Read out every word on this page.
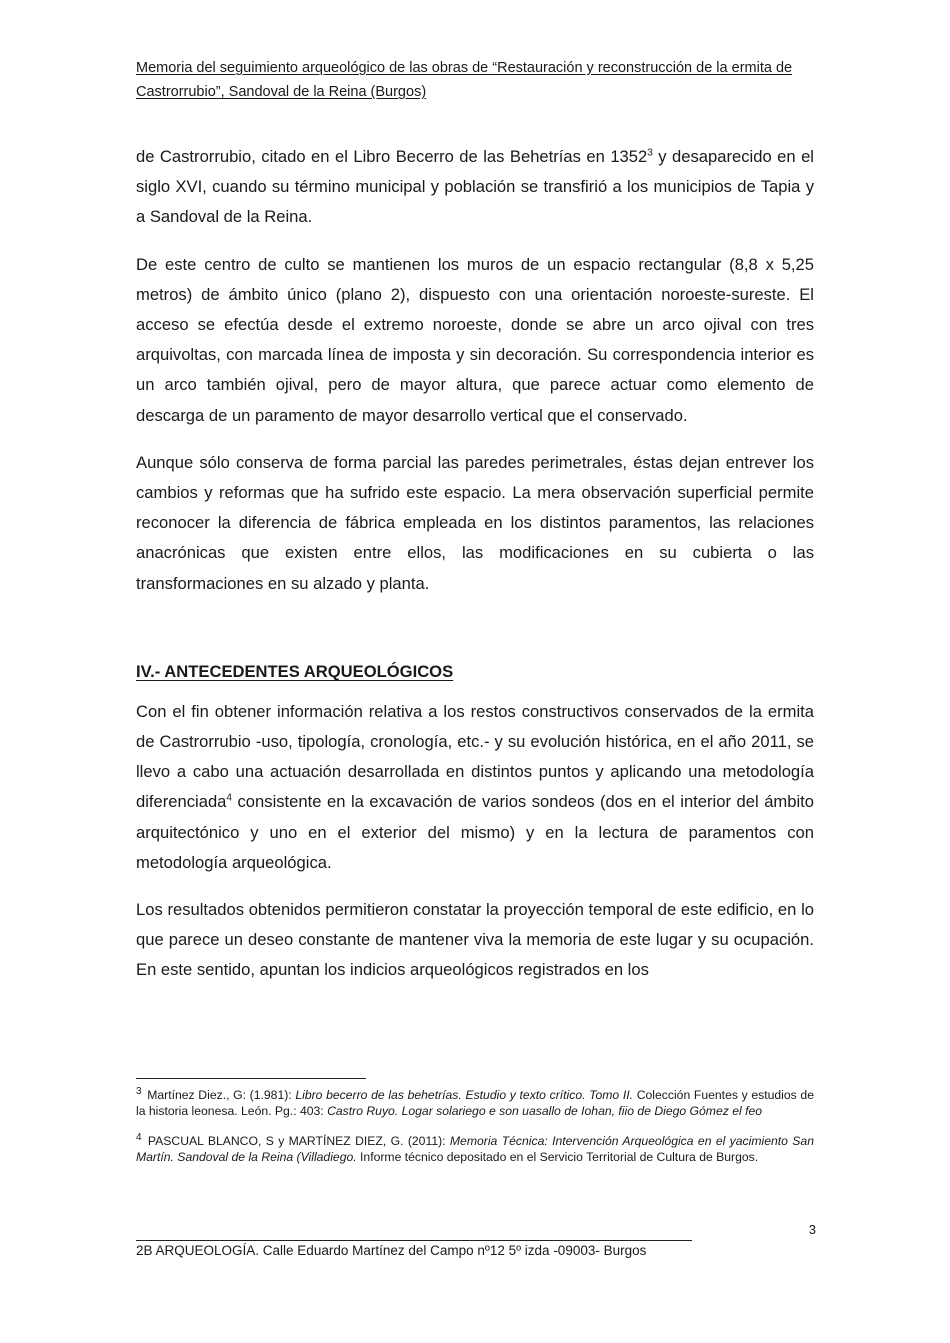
Memoria del seguimiento arqueológico de las obras de “Restauración y reconstrucción de la ermita de
Castrorrubio”, Sandoval de la Reina (Burgos)

de Castrorrubio, citado en el Libro Becerro de las Behetrías en 1352$^3$ y desaparecido en el siglo XVI, cuando su término municipal y población se transfirió a los municipios de Tapia y a Sandoval de la Reina.

De este centro de culto se mantienen los muros de un espacio rectangular (8,8 x 5,25 metros) de ámbito único (plano 2), dispuesto con una orientación noroeste-sureste. El acceso se efectúa desde el extremo noroeste, donde se abre un arco ojival con tres arquivoltas, con marcada línea de imposta y sin decoración. Su correspondencia interior es un arco también ojival, pero de mayor altura, que parece actuar como elemento de descarga de un paramento de mayor desarrollo vertical que el conservado.

Aunque sólo conserva de forma parcial las paredes perimetrales, éstas dejan entrever los cambios y reformas que ha sufrido este espacio. La mera observación superficial permite reconocer la diferencia de fábrica empleada en los distintos paramentos, las relaciones anacrónicas que existen entre ellos, las modificaciones en su cubierta o las transformaciones en su alzado y planta.

IV.- ANTECEDENTES ARQUEOLÓGICOS

Con el fin obtener información relativa a los restos constructivos conservados de la ermita de Castrorrubio -uso, tipología, cronología, etc.- y su evolución histórica, en el año 2011, se llevo a cabo una actuación desarrollada en distintos puntos y aplicando una metodología diferenciada$^4$ consistente en la excavación de varios sondeos (dos en el interior del ámbito arquitectónico y uno en el exterior del mismo) y en la lectura de paramentos con metodología arqueológica.

Los resultados obtenidos permitieron constatar la proyección temporal de este edificio, en lo que parece un deseo constante de mantener viva la memoria de este lugar y su ocupación. En este sentido, apuntan los indicios arqueológicos registrados en los

$^3$ Martínez Diez., G: (1.981): Libro becerro de las behetrías. Estudio y texto crítico. Tomo II. Colección Fuentes y estudios de la historia leonesa. León. Pg.: 403: Castro Ruyo. Logar solariego e son uasallo de Iohan, fiio de Diego Gómez el feo

$^4$ PASCUAL BLANCO, S y MARTÍNEZ DIEZ, G. (2011): Memoria Técnica: Intervención Arqueológica en el yacimiento San Martín. Sandoval de la Reina (Villadiego. Informe técnico depositado en el Servicio Territorial de Cultura de Burgos.

3
2B ARQUEOLOGÍA. Calle Eduardo Martínez del Campo nº12 5º izda -09003- Burgos
